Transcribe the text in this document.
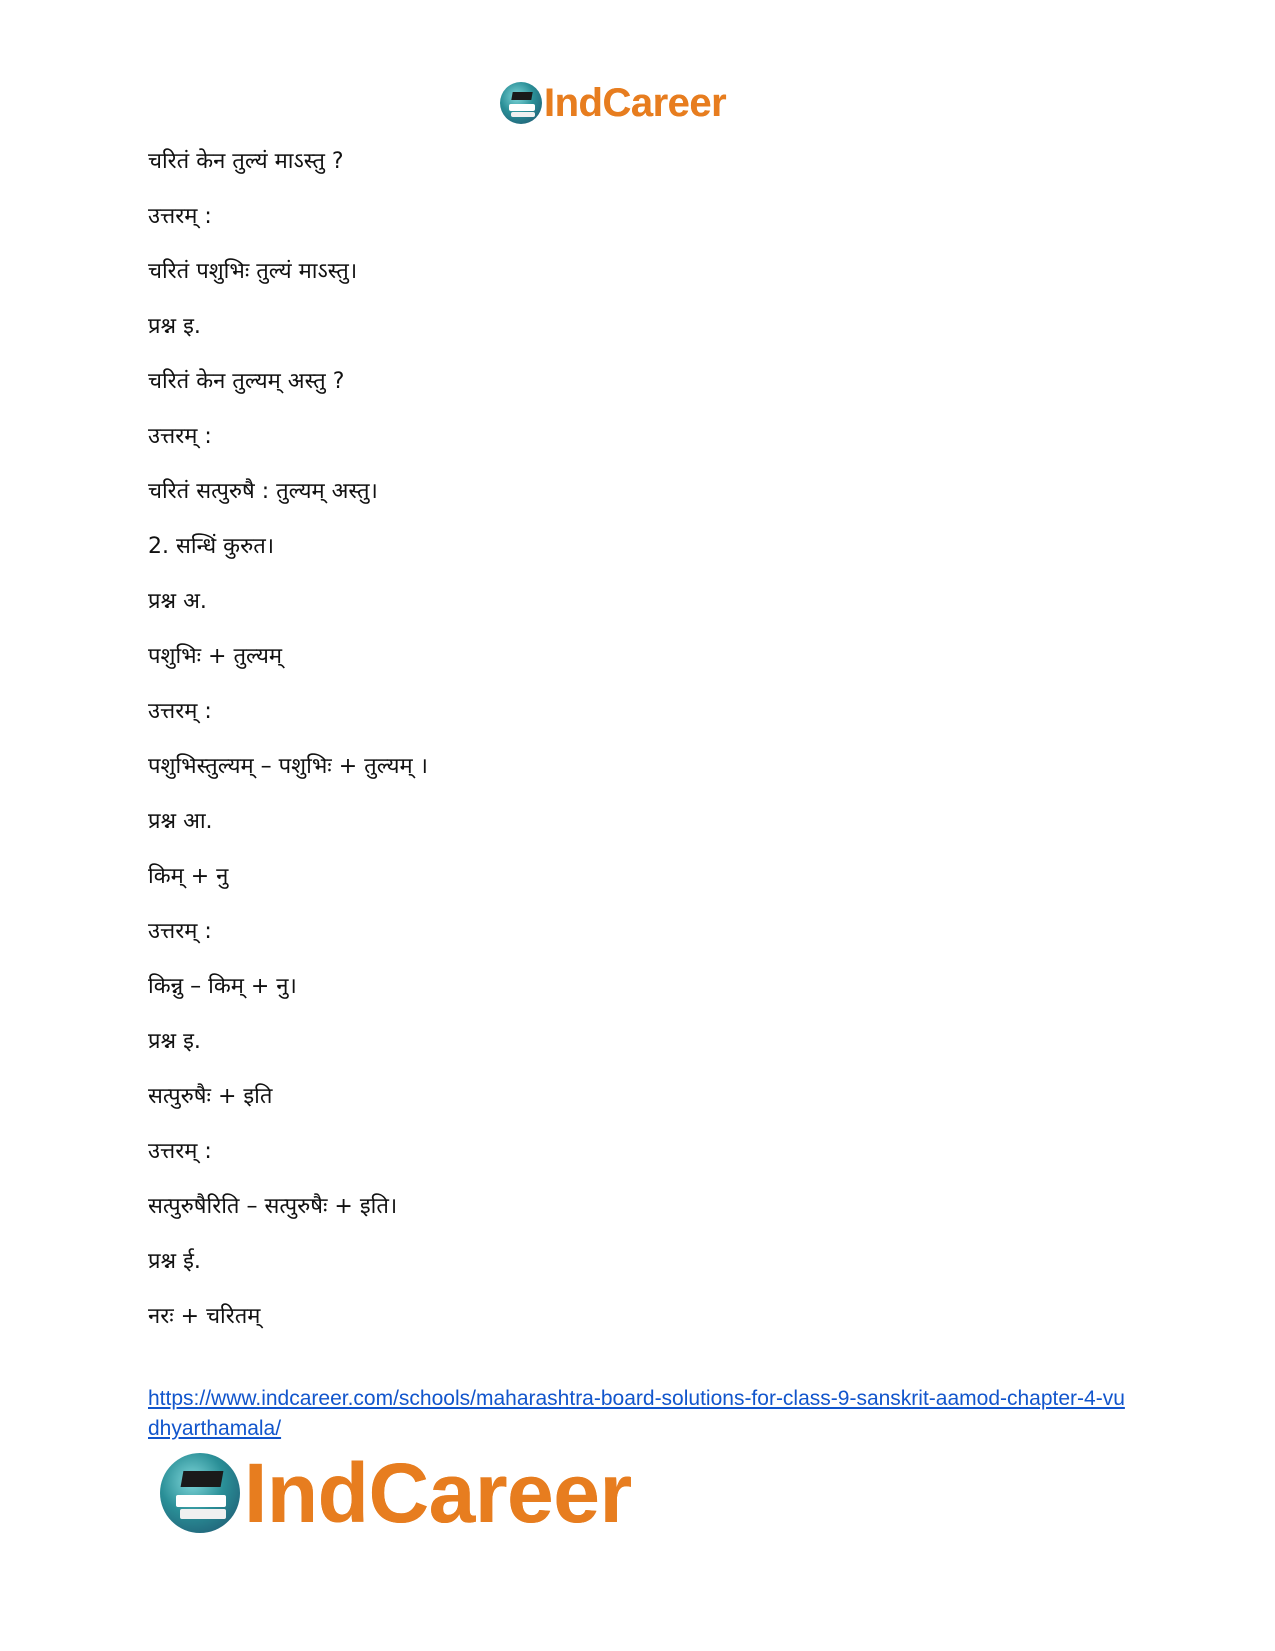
IndCareer
चरितं केन तुल्यं माऽस्तु ?
उत्तरम् :
चरितं पशुभिः तुल्यं माऽस्तु।
प्रश्न इ.
चरितं केन तुल्यम् अस्तु ?
उत्तरम् :
चरितं सत्पुरुषै : तुल्यम् अस्तु।
2. सन्धिं कुरुत।
प्रश्न अ.
पशुभिः + तुल्यम्
उत्तरम् :
पशुभिस्तुल्यम् – पशुभिः + तुल्यम् ।
प्रश्न आ.
किम् + नु
उत्तरम् :
किन्नु – किम् + नु।
प्रश्न इ.
सत्पुरुषैः + इति
उत्तरम् :
सत्पुरुषैरिति – सत्पुरुषैः + इति।
प्रश्न ई.
नरः + चरितम्
https://www.indcareer.com/schools/maharashtra-board-solutions-for-class-9-sanskrit-aamod-chapter-4-vudhyarthamala/
IndCareer
